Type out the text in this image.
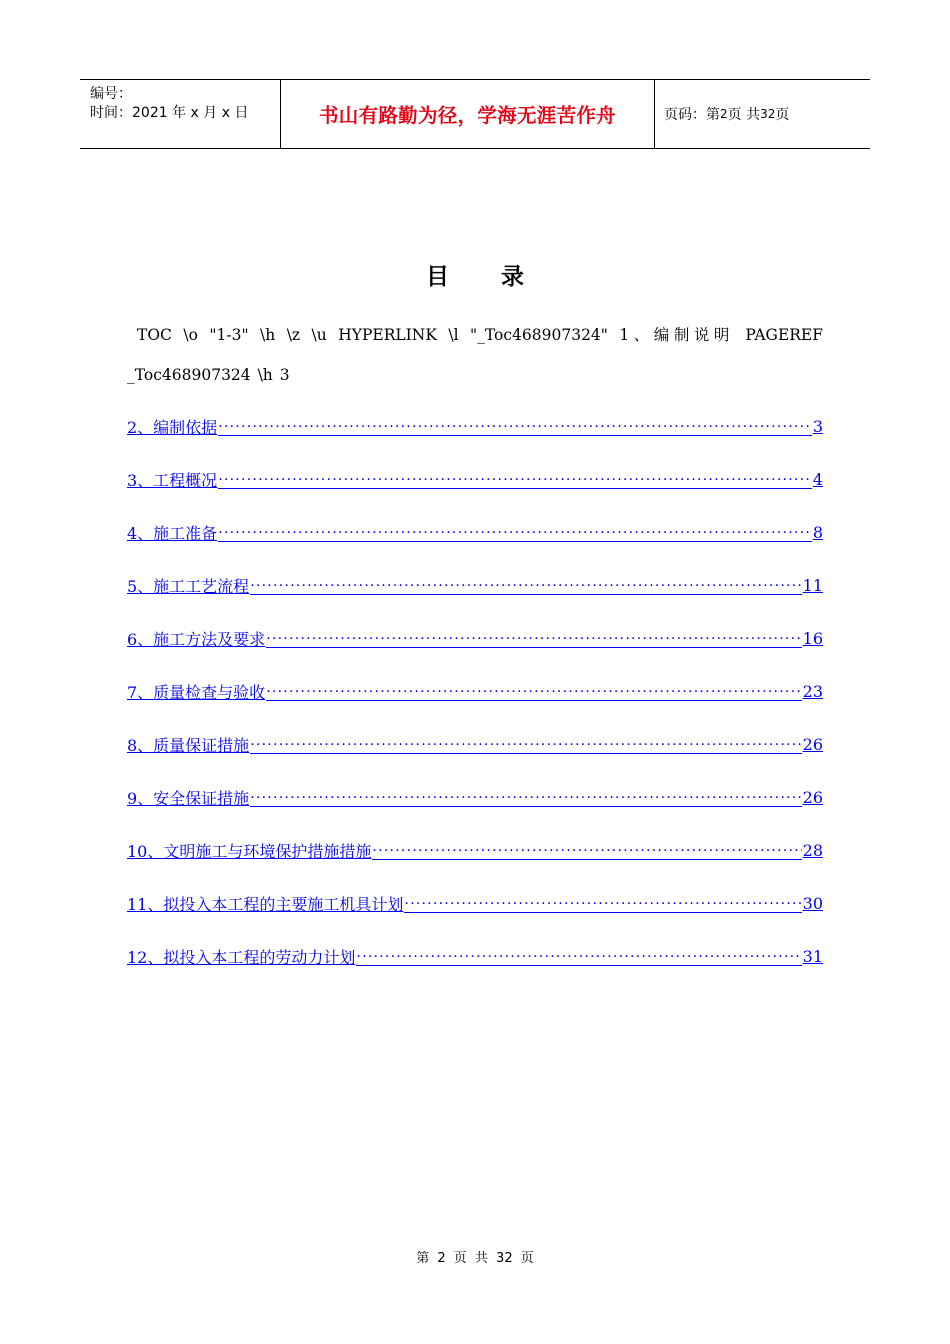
编号：
时间：2021 年 x 月 x 日	书山有路勤为径，学海无涯苦作舟	页码：第 2 页 共 32 页
目录
TOC \o "1-3" \h \z \u HYPERLINK \l "_Toc468907324" 1、编制说明 PAGEREF _Toc468907324 \h 3
2、编制依据 . . .	3
3、工程概况 . . .	4
4、施工准备 . . .	8
5、施工工艺流程 . . .	11
6、施工方法及要求 . . .	16
7、质量检查与验收 . . .	23
8、质量保证措施 . . .	26
9、安全保证措施 . . .	26
10、文明施工与环境保护措施措施 . . .	28
11、拟投入本工程的主要施工机具计划 . . .	30
12、拟投入本工程的劳动力计划 . . .	31
第 2 页 共 32 页
